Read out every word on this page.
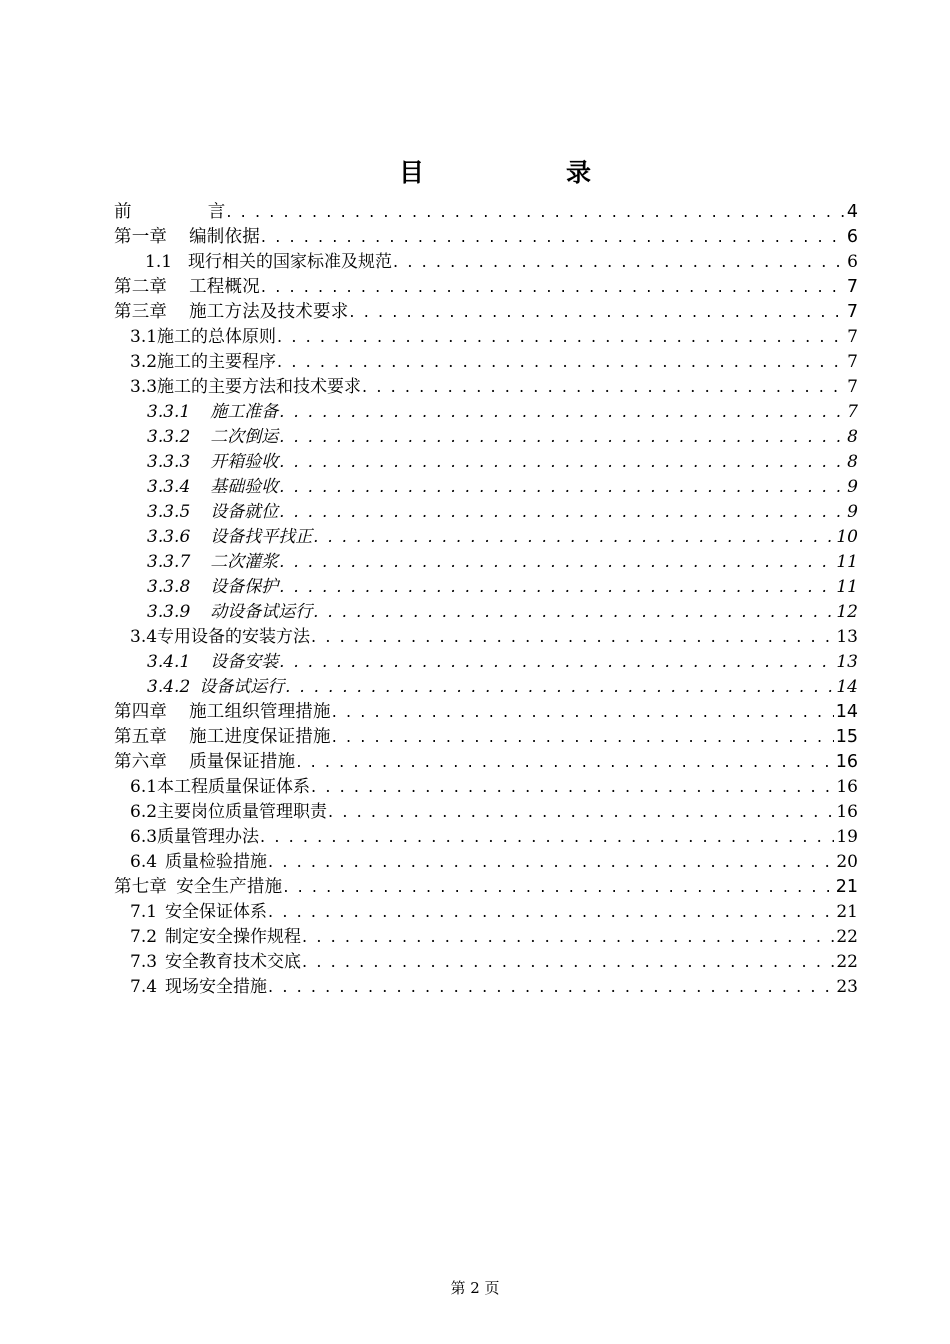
目	录
前	言 . . .	4
第一章 编制依据 . . .	6
1.1 现行相关的国家标准及规范 . . .	6
第二章 工程概况 . . .	7
第三章 施工方法及技术要求 . . .	7
3.1施工的总体原则 . . .	7
3.2施工的主要程序 . . .	7
3.3施工的主要方法和技术要求 . . .	7
3.3.1 施工准备 . . .	7
3.3.2 二次倒运 . . .	8
3.3.3 开箱验收 . . .	8
3.3.4 基础验收 . . .	9
3.3.5 设备就位 . . .	9
3.3.6 设备找平找正 . . .	10
3.3.7 二次灌浆 . . .	11
3.3.8 设备保护 . . .	11
3.3.9 动设备试运行 . . .	12
3.4专用设备的安装方法 . . .	13
3.4.1 设备安装 . . .	13
3.4.2 设备试运行 . . .	14
第四章 施工组织管理措施 . . .	14
第五章 施工进度保证措施 . . .	15
第六章 质量保证措施 . . .	16
6.1本工程质量保证体系 . . .	16
6.2主要岗位质量管理职责 . . .	16
6.3质量管理办法 . . .	19
6.4 质量检验措施 . . .	20
第七章 安全生产措施 . . .	21
7.1 安全保证体系 . . .	21
7.2 制定安全操作规程 . . .	22
7.3 安全教育技术交底 . . .	22
7.4 现场安全措施 . . .	23
第 2 页
